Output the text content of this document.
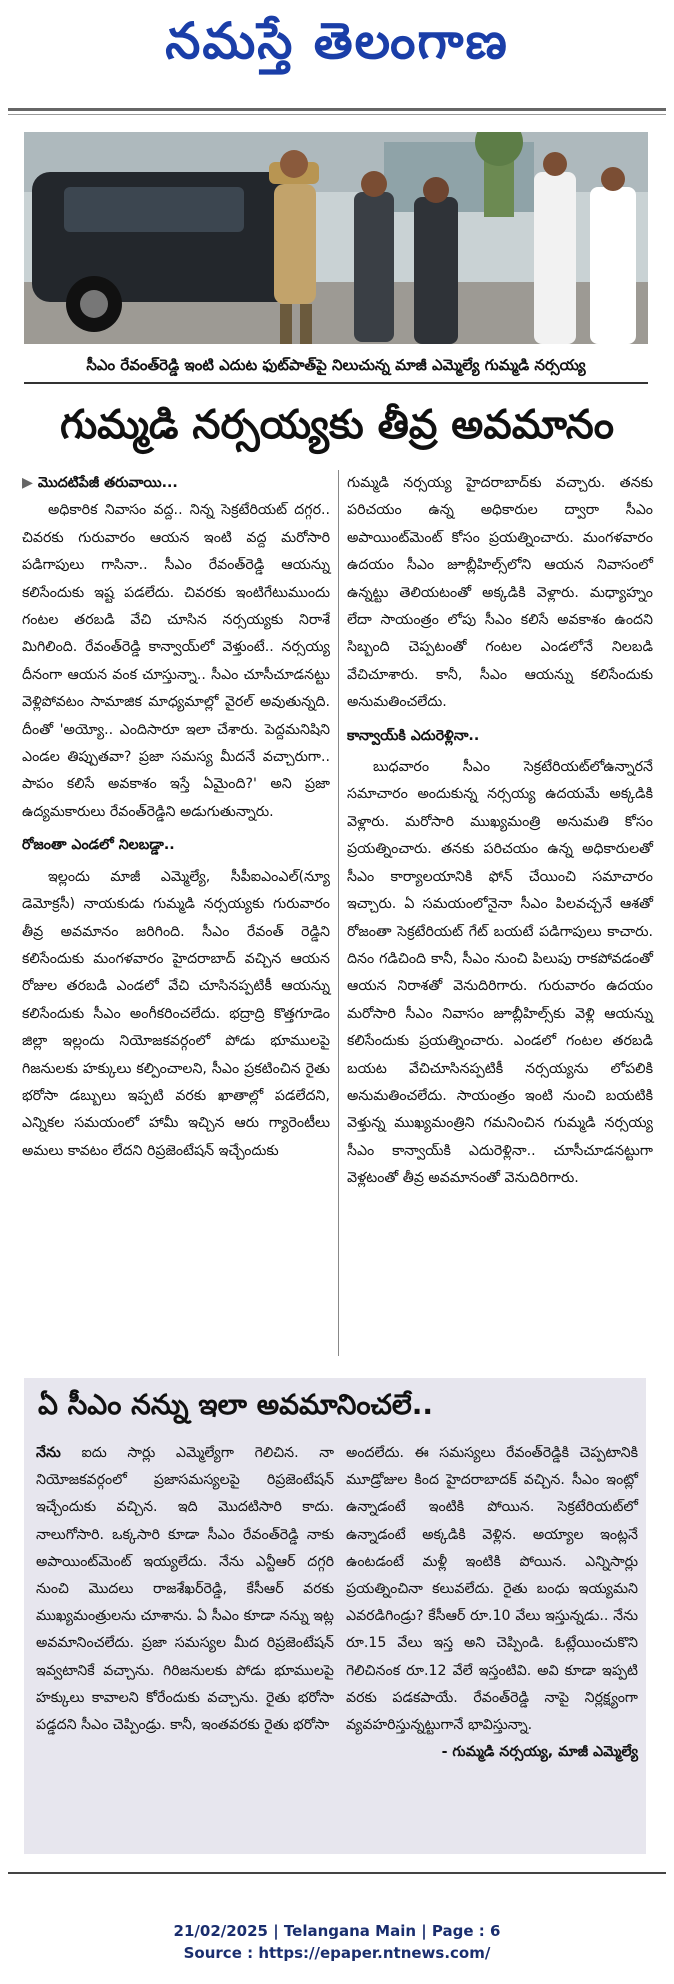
నమస్తే తెలంగాణ
సీఎం రేవంత్‌రెడ్డి ఇంటి ఎదుట ఫుట్‌పాత్‌పై నిలుచున్న మాజీ ఎమ్మెల్యే గుమ్మడి నర్సయ్య
గుమ్మడి నర్సయ్యకు తీవ్ర అవమానం

▶ మొదటిపేజీ తరువాయి...

అధికారిక నివాసం వద్ద.. నిన్న సెక్రటేరియట్ దగ్గర.. చివరకు గురువారం ఆయన ఇంటి వద్ద మరోసారి పడిగాపులు గాసినా.. సీఎం రేవంత్‌రెడ్డి ఆయన్ను కలిసేందుకు ఇష్ట పడలేదు. చివరకు ఇంటిగేటుముందు గంటల తరబడి వేచి చూసిన నర్సయ్యకు నిరాశే మిగిలింది. రేవంత్‌రెడ్డి కాన్వాయ్‌లో వెళ్తుంటే.. నర్సయ్య దీనంగా ఆయన వంక చూస్తున్నా.. సీఎం చూసీచూడనట్టు వెళ్లిపోవటం సామాజిక మాధ్యమాల్లో వైరల్ అవుతున్నది. దీంతో 'అయ్యో.. ఎందిసారూ ఇలా చేశారు. పెద్దమనిషిని ఎండల తిప్పుతవా? ప్రజా సమస్య మీదనే వచ్చారుగా.. పాపం కలిసే అవకాశం ఇస్తే ఏమైంది?' అని ప్రజా ఉద్యమకారులు రేవంత్‌రెడ్డిని అడుగుతున్నారు.

రోజంతా ఎండలో నిలబడ్డా..

ఇల్లందు మాజీ ఎమ్మెల్యే, సీపీఐఎంఎల్(న్యూ డెమోక్రసీ) నాయకుడు గుమ్మడి నర్సయ్యకు గురువారం తీవ్ర అవమానం జరిగింది. సీఎం రేవంత్ రెడ్డిని కలిసేందుకు మంగళవారం హైదరాబాద్ వచ్చిన ఆయన రోజుల తరబడి ఎండలో వేచి చూసినప్పటికీ ఆయన్ను కలిసేందుకు సీఎం అంగీకరించలేదు. భద్రాద్రి కొత్తగూడెం జిల్లా ఇల్లందు నియోజకవర్గంలో పోడు భూములపై గిజనులకు హక్కులు కల్పించాలని, సీఎం ప్రకటించిన రైతు భరోసా డబ్బులు ఇప్పటి వరకు ఖాతాల్లో పడలేదని, ఎన్నికల సమయంలో హామీ ఇచ్చిన ఆరు గ్యారెంటీలు అమలు కావటం లేదని రిప్రజెంటేషన్ ఇచ్చేందుకు

గుమ్మడి నర్సయ్య హైదరాబాద్‌కు వచ్చారు. తనకు పరిచయం ఉన్న అధికారుల ద్వారా సీఎం అపాయింట్‌మెంట్ కోసం ప్రయత్నించారు. మంగళవారం ఉదయం సీఎం జూబ్లీహిల్స్‌లోని ఆయన నివాసంలో ఉన్నట్టు తెలియటంతో అక్కడికి వెళ్లారు. మధ్యాహ్నం లేదా సాయంత్రం లోపు సీఎం కలిసే అవకాశం ఉందని సిబ్బంది చెప్పటంతో గంటల ఎండలోనే నిలబడి వేచిచూశారు. కానీ, సీఎం ఆయన్ను కలిసేందుకు అనుమతించలేదు.

కాన్వాయ్‌కి ఎదురెళ్లినా..

బుధవారం సీఎం సెక్రటేరియట్‌లోఉన్నారనే సమాచారం అందుకున్న నర్సయ్య ఉదయమే అక్కడికి వెళ్లారు. మరోసారి ముఖ్యమంత్రి అనుమతి కోసం ప్రయత్నించారు. తనకు పరిచయం ఉన్న అధికారులతో సీఎం కార్యాలయానికి ఫోన్ చేయించి సమాచారం ఇచ్చారు. ఏ సమయంలోనైనా సీఎం పిలవచ్చనే ఆశతో రోజంతా సెక్రటేరియట్ గేట్ బయటే పడిగాపులు కాచారు. దినం గడిచింది కానీ, సీఎం నుంచి పిలుపు రాకపోవడంతో ఆయన నిరాశతో వెనుదిరిగారు. గురువారం ఉదయం మరోసారి సీఎం నివాసం జూబ్లీహిల్స్‌కు వెళ్లి ఆయన్ను కలిసేందుకు ప్రయత్నించారు. ఎండలో గంటల తరబడి బయట వేచిచూసినప్పటికీ నర్సయ్యను లోపలికి అనుమతించలేదు. సాయంత్రం ఇంటి నుంచి బయటికి వెళ్తున్న ముఖ్యమంత్రిని గమనించిన గుమ్మడి నర్సయ్య సీఎం కాన్వాయ్‌కి ఎదురెళ్లినా.. చూసీచూడనట్టుగా వెళ్లటంతో తీవ్ర అవమానంతో వెనుదిరిగారు.

ఏ సీఎం నన్ను ఇలా అవమానించలే..

నేను ఐదు సార్లు ఎమ్మెల్యేగా గెలిచిన. నా నియోజకవర్గంలో ప్రజాసమస్యలపై రిప్రజెంటేషన్ ఇచ్చేందుకు వచ్చిన. ఇది మొదటిసారి కాదు. నాలుగోసారి. ఒక్కసారి కూడా సీఎం రేవంత్‌రెడ్డి నాకు అపాయింట్‌మెంట్ ఇయ్యలేదు. నేను ఎన్టీఆర్ దగ్గరి నుంచి మొదలు రాజశేఖర్‌రెడ్డి, కేసీఆర్ వరకు ముఖ్యమంత్రులను చూశాను. ఏ సీఎం కూడా నన్ను ఇట్ల అవమానించలేదు. ప్రజా సమస్యల మీద రిప్రజెంటేషన్ ఇవ్వటానికే వచ్చాను. గిరిజనులకు పోడు భూములపై హక్కులు కావాలని కోరేందుకు వచ్చాను. రైతు భరోసా పడ్డదని సీఎం చెప్పిండ్రు. కానీ, ఇంతవరకు రైతు భరోసా

అందలేదు. ఈ సమస్యలు రేవంత్‌రెడ్డికి చెప్పటానికి మూడ్రోజుల కింద హైదరాబాదక్ వచ్చిన. సీఎం ఇంట్లో ఉన్నాడంటే ఇంటికి పోయిన. సెక్రటేరియట్‌లో ఉన్నాడంటే అక్కడికి వెళ్లిన. అయ్యాల ఇంట్లనే ఉంటడంటే మళ్లీ ఇంటికి పోయిన. ఎన్నిసార్లు ప్రయత్నించినా కలువలేదు. రైతు బంధు ఇయ్యమని ఎవరడిగిండ్రు? కేసీఆర్ రూ.10 వేలు ఇస్తున్నడు.. నేను రూ.15 వేలు ఇస్త అని చెప్పిండి. ఓట్లేయించుకొని గెలిచినంక రూ.12 వేలే ఇస్తంటివి. అవి కూడా ఇప్పటి వరకు పడకపాయే. రేవంత్‌రెడ్డి నాపై నిర్లక్ష్యంగా వ్యవహరిస్తున్నట్టుగానే భావిస్తున్నా.

- గుమ్మడి నర్సయ్య, మాజీ ఎమ్మెల్యే

21/02/2025 | Telangana Main | Page : 6
Source : https://epaper.ntnews.com/
